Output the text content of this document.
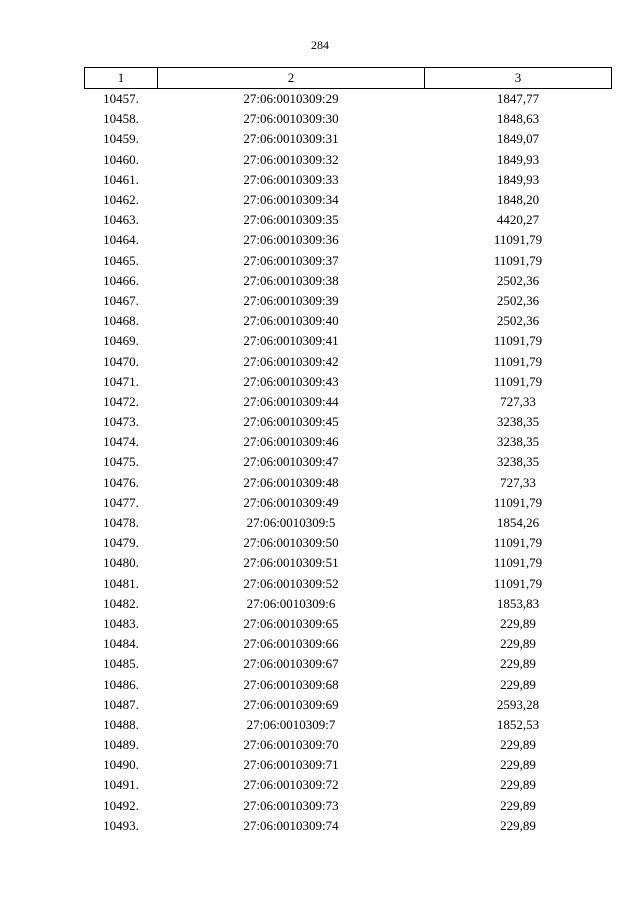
284
1	2	3
10457.	27:06:0010309:29	1847,77
10458.	27:06:0010309:30	1848,63
10459.	27:06:0010309:31	1849,07
10460.	27:06:0010309:32	1849,93
10461.	27:06:0010309:33	1849,93
10462.	27:06:0010309:34	1848,20
10463.	27:06:0010309:35	4420,27
10464.	27:06:0010309:36	11091,79
10465.	27:06:0010309:37	11091,79
10466.	27:06:0010309:38	2502,36
10467.	27:06:0010309:39	2502,36
10468.	27:06:0010309:40	2502,36
10469.	27:06:0010309:41	11091,79
10470.	27:06:0010309:42	11091,79
10471.	27:06:0010309:43	11091,79
10472.	27:06:0010309:44	727,33
10473.	27:06:0010309:45	3238,35
10474.	27:06:0010309:46	3238,35
10475.	27:06:0010309:47	3238,35
10476.	27:06:0010309:48	727,33
10477.	27:06:0010309:49	11091,79
10478.	27:06:0010309:5	1854,26
10479.	27:06:0010309:50	11091,79
10480.	27:06:0010309:51	11091,79
10481.	27:06:0010309:52	11091,79
10482.	27:06:0010309:6	1853,83
10483.	27:06:0010309:65	229,89
10484.	27:06:0010309:66	229,89
10485.	27:06:0010309:67	229,89
10486.	27:06:0010309:68	229,89
10487.	27:06:0010309:69	2593,28
10488.	27:06:0010309:7	1852,53
10489.	27:06:0010309:70	229,89
10490.	27:06:0010309:71	229,89
10491.	27:06:0010309:72	229,89
10492.	27:06:0010309:73	229,89
10493.	27:06:0010309:74	229,89
